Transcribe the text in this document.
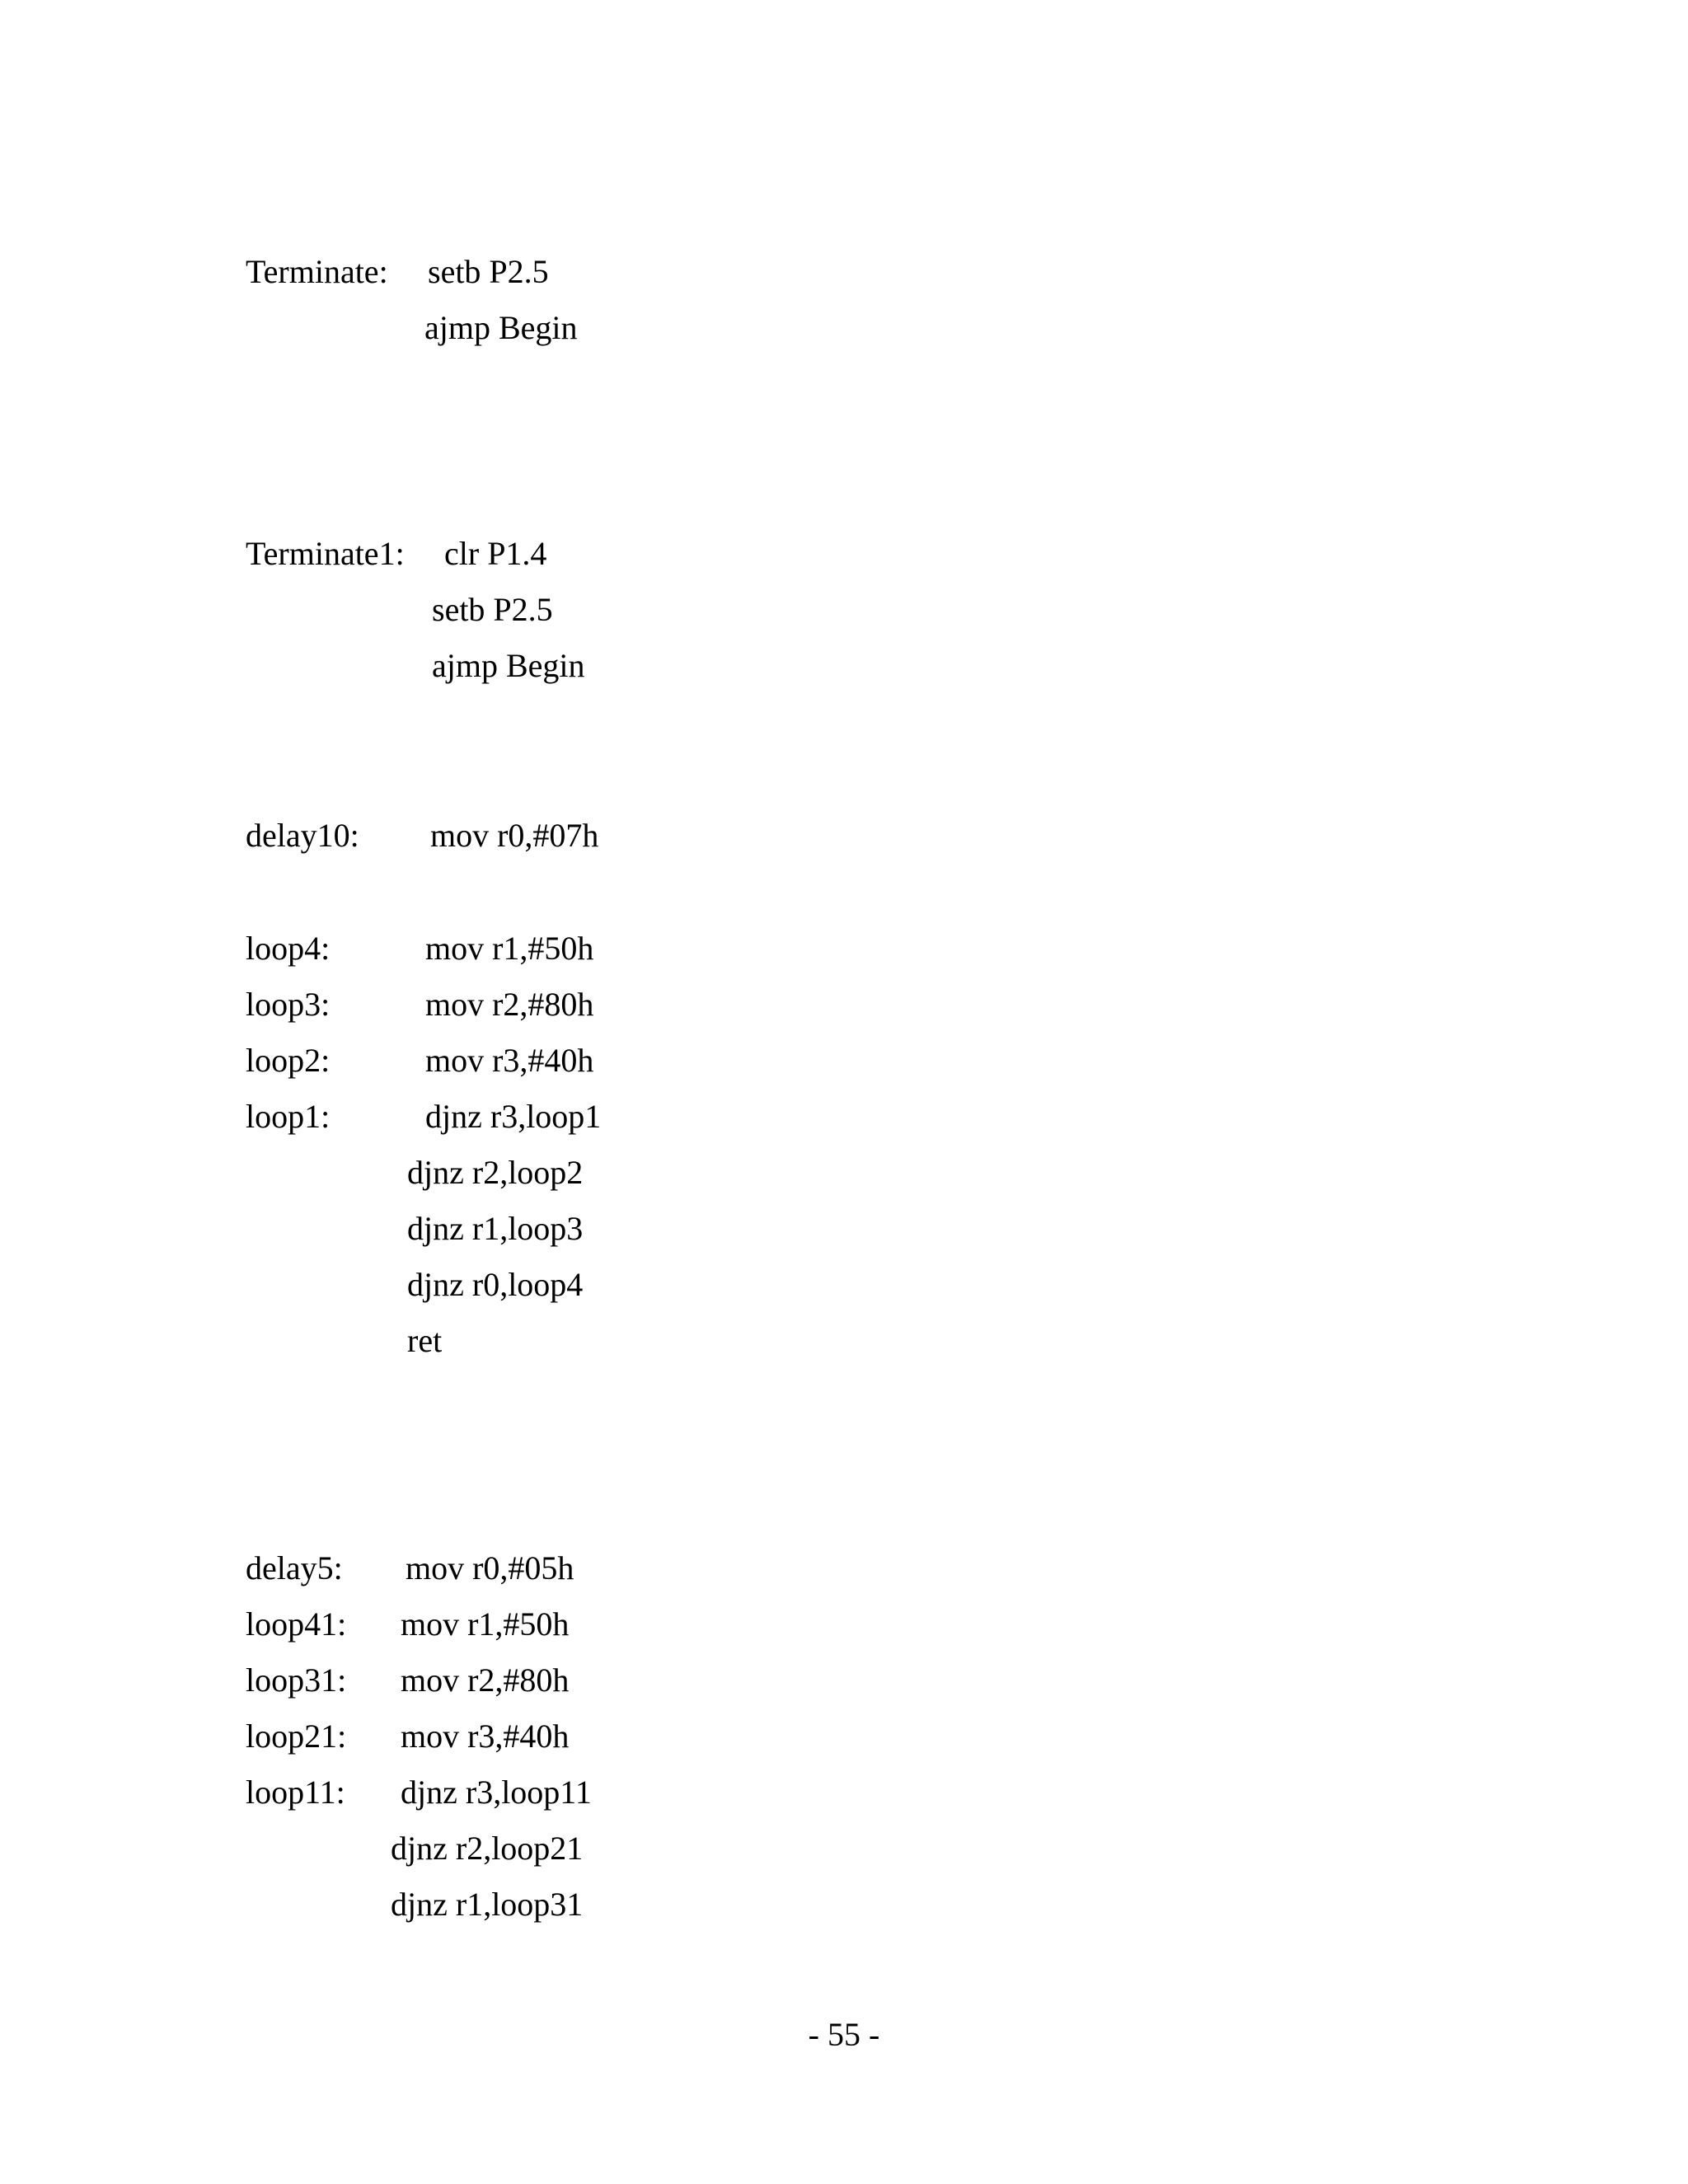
Terminate: setb P2.5
ajmp Begin
Terminate1: clr P1.4
setb P2.5
ajmp Begin
delay10: mov r0,#07h
loop4:	mov r1,#50h
loop3:	mov r2,#80h
loop2:	mov r3,#40h
loop1:	djnz r3,loop1
djnz r2,loop2
djnz r1,loop3
djnz r0,loop4
ret
delay5: mov r0,#05h
loop41: mov r1,#50h
loop31: mov r2,#80h
loop21: mov r3,#40h
loop11: djnz r3,loop11
djnz r2,loop21
djnz r1,loop31
- 55 -
